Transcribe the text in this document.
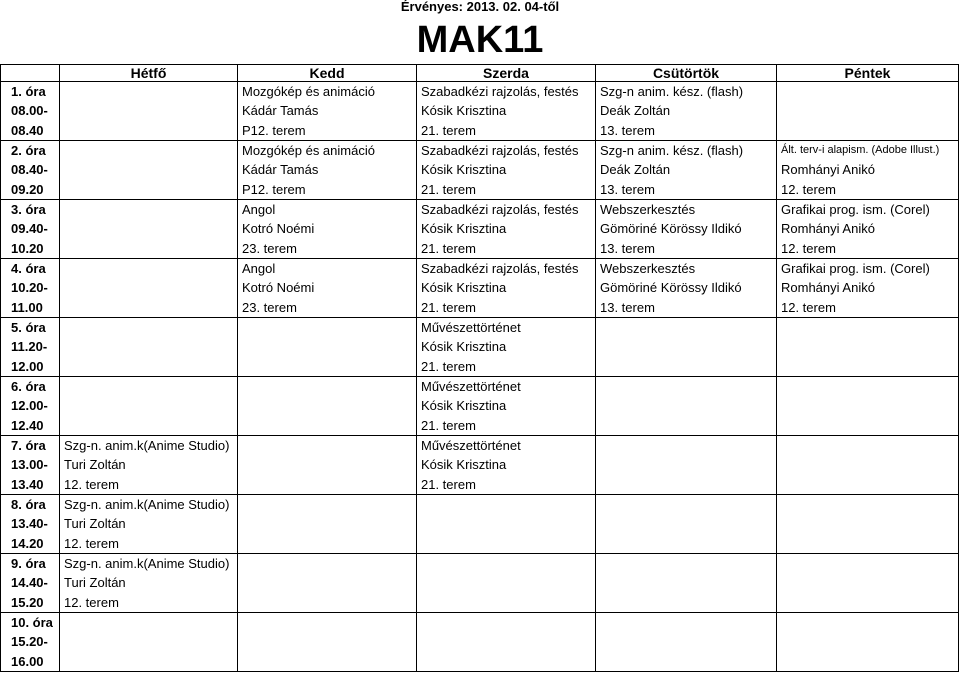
Érvényes: 2013. 02. 04-től
MAK11
	Hétfő	Kedd	Szerda	Csütörtök	Péntek

1. óra
08.00-
08.40		Mozgókép és animáció
Kádár Tamás
P12. terem	Szabadkézi rajzolás, festés
Kósik Krisztina
21. terem	Szg-n anim. kész. (flash)
Deák Zoltán
13. terem	

2. óra
08.40-
09.20		Mozgókép és animáció
Kádár Tamás
P12. terem	Szabadkézi rajzolás, festés
Kósik Krisztina
21. terem	Szg-n anim. kész. (flash)
Deák Zoltán
13. terem	Ált. terv-i alapism. (Adobe Illust.)
Romhányi Anikó
12. terem

3. óra
09.40-
10.20		Angol
Kotró Noémi
23. terem	Szabadkézi rajzolás, festés
Kósik Krisztina
21. terem	Webszerkesztés
Gömöriné Körössy Ildikó
13. terem	Grafikai prog. ism. (Corel)
Romhányi Anikó
12. terem

4. óra
10.20-
11.00		Angol
Kotró Noémi
23. terem	Szabadkézi rajzolás, festés
Kósik Krisztina
21. terem	Webszerkesztés
Gömöriné Körössy Ildikó
13. terem	Grafikai prog. ism. (Corel)
Romhányi Anikó
12. terem

5. óra
11.20-
12.00			Művészettörténet
Kósik Krisztina
21. terem		

6. óra
12.00-
12.40			Művészettörténet
Kósik Krisztina
21. terem		

7. óra
13.00-
13.40	Szg-n. anim.k(Anime Studio)
Turi Zoltán
12. terem		Művészettörténet
Kósik Krisztina
21. terem		

8. óra
13.40-
14.20	Szg-n. anim.k(Anime Studio)
Turi Zoltán
12. terem				

9. óra
14.40-
15.20	Szg-n. anim.k(Anime Studio)
Turi Zoltán
12. terem				

10. óra
15.20-
16.00					
